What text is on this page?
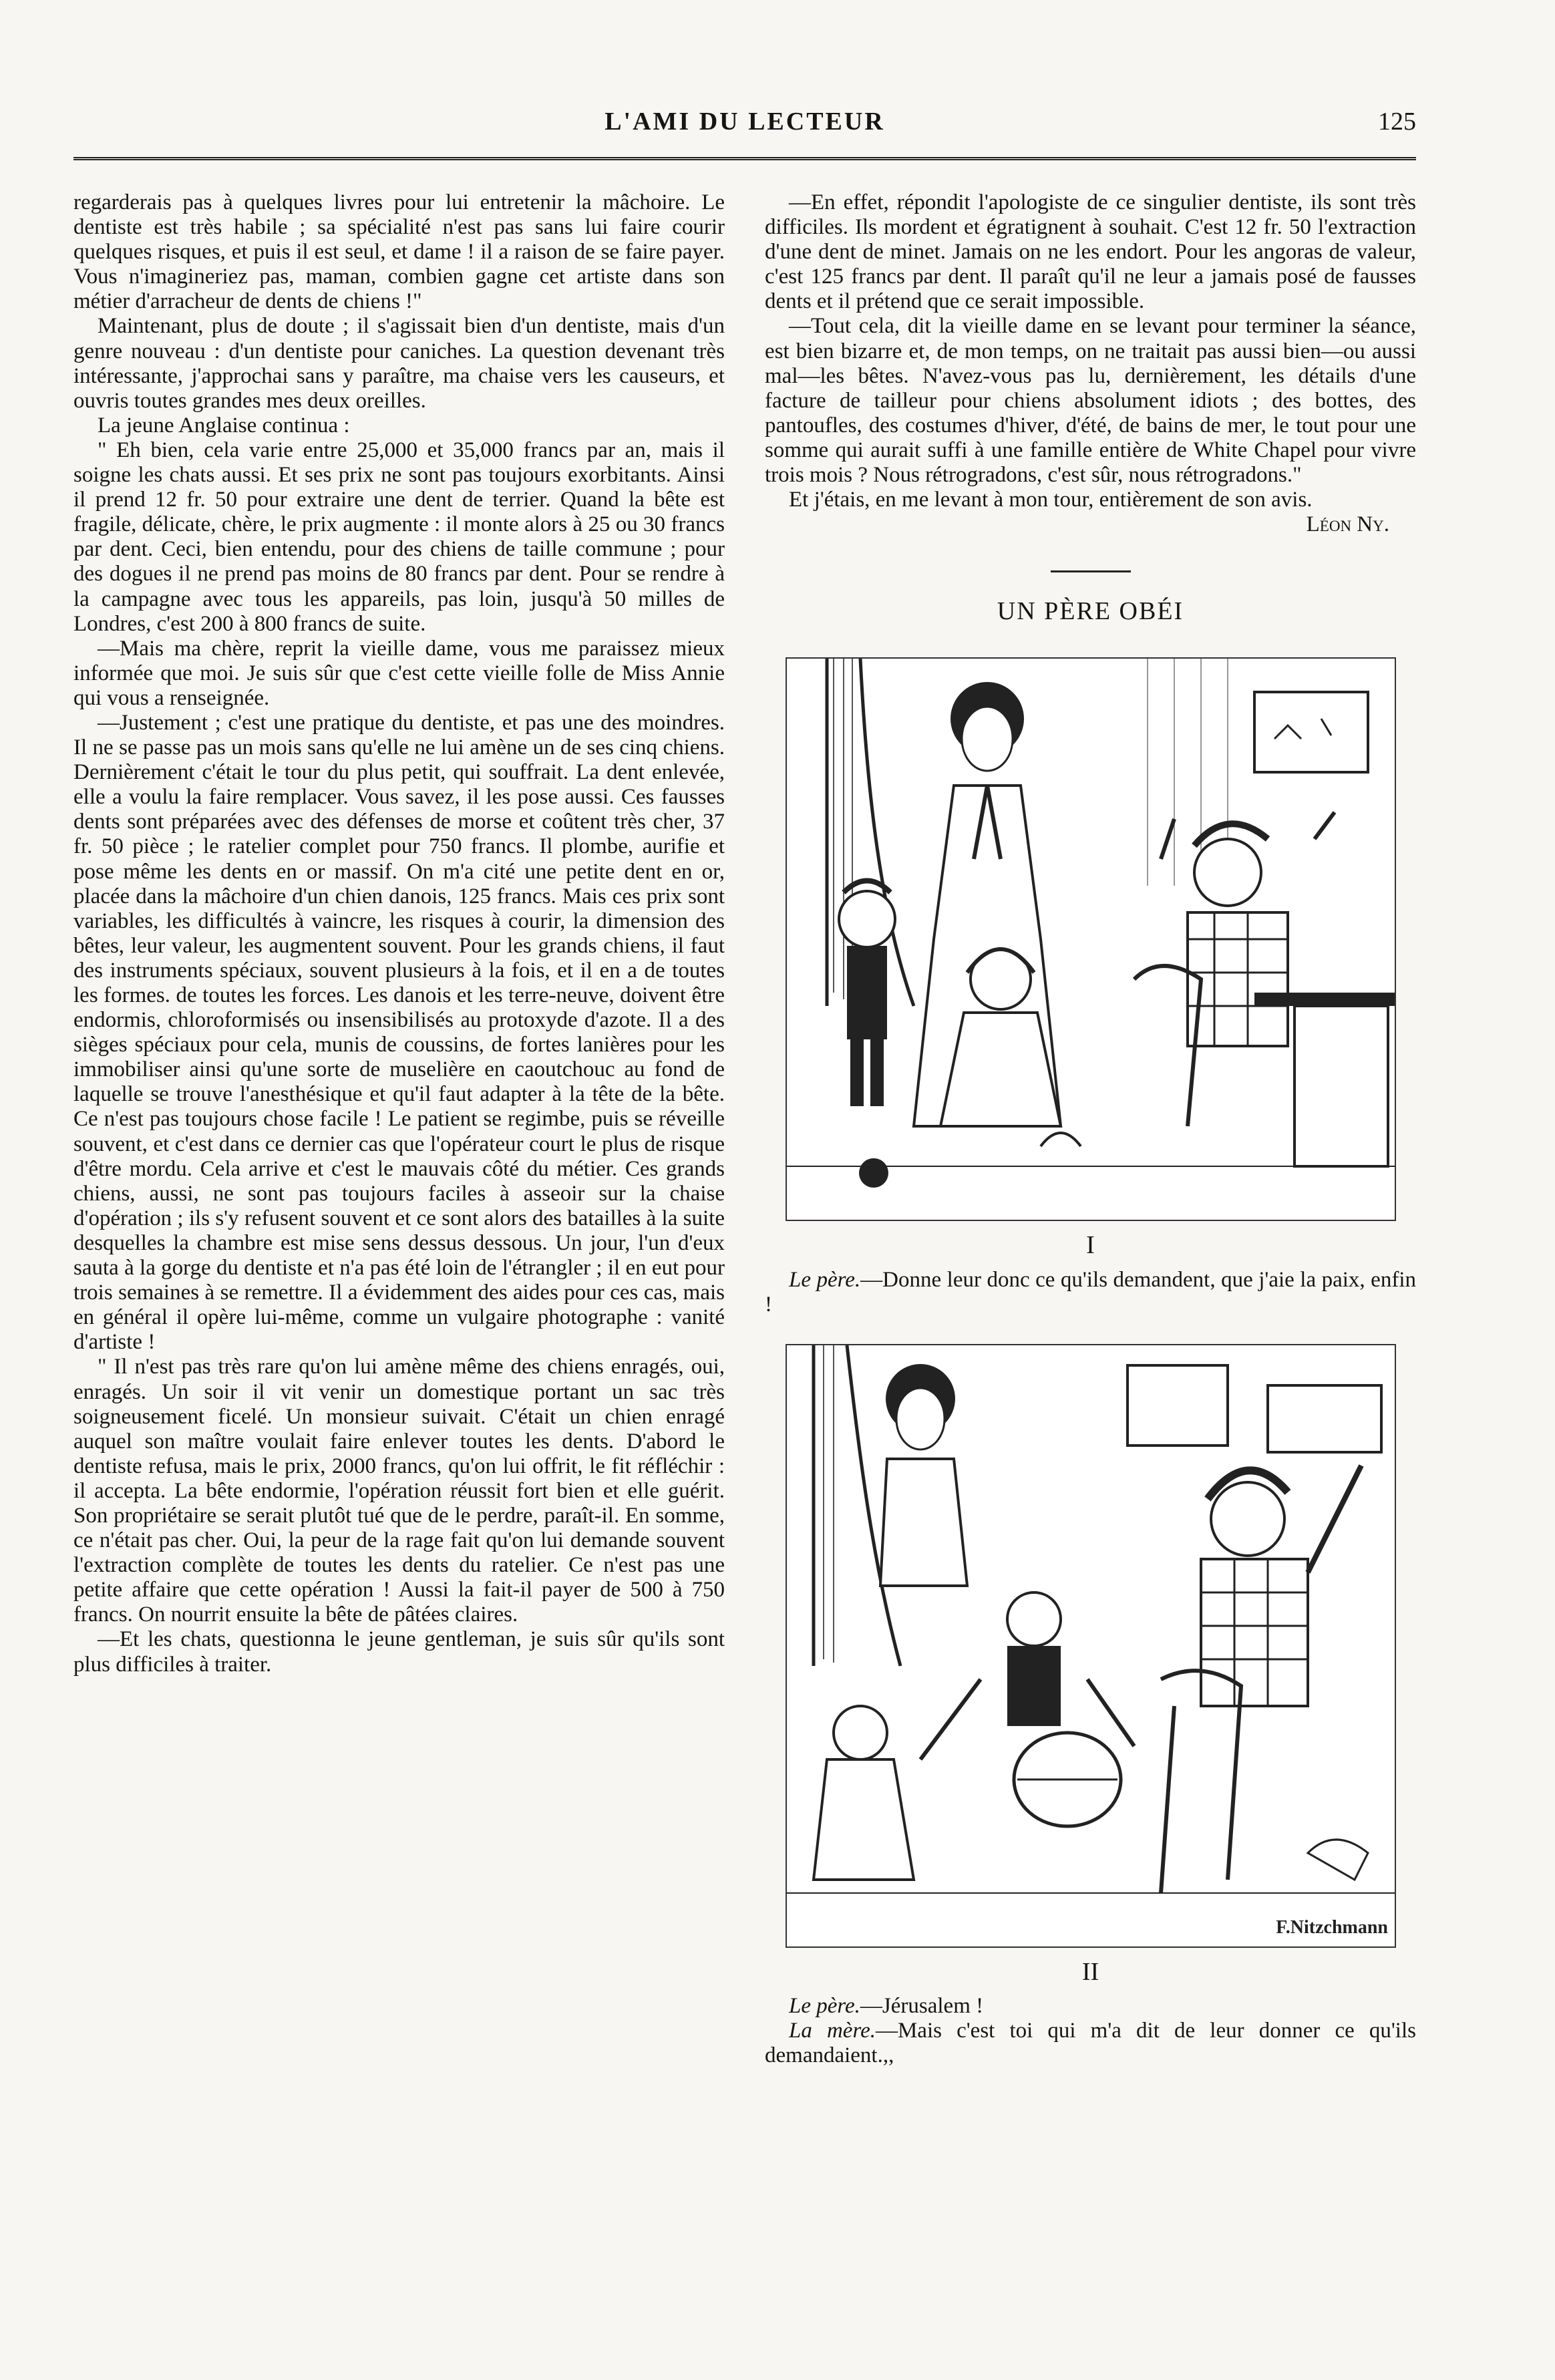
L'AMI DU LECTEUR	125

regarderais pas à quelques livres pour lui entretenir la mâchoire. Le dentiste est très habile ; sa spécialité n'est pas sans lui faire courir quelques risques, et puis il est seul, et dame ! il a raison de se faire payer. Vous n'imagineriez pas, maman, combien gagne cet artiste dans son métier d'arracheur de dents de chiens !"

Maintenant, plus de doute ; il s'agissait bien d'un dentiste, mais d'un genre nouveau : d'un dentiste pour caniches. La question devenant très intéressante, j'approchai sans y paraître, ma chaise vers les causeurs, et ouvris toutes grandes mes deux oreilles.

La jeune Anglaise continua :

" Eh bien, cela varie entre 25,000 et 35,000 francs par an, mais il soigne les chats aussi. Et ses prix ne sont pas toujours exorbitants. Ainsi il prend 12 fr. 50 pour extraire une dent de terrier. Quand la bête est fragile, délicate, chère, le prix augmente : il monte alors à 25 ou 30 francs par dent. Ceci, bien entendu, pour des chiens de taille commune ; pour des dogues il ne prend pas moins de 80 francs par dent. Pour se rendre à la campagne avec tous les appareils, pas loin, jusqu'à 50 milles de Londres, c'est 200 à 800 francs de suite.

—Mais ma chère, reprit la vieille dame, vous me paraissez mieux informée que moi. Je suis sûr que c'est cette vieille folle de Miss Annie qui vous a renseignée.

—Justement ; c'est une pratique du dentiste, et pas une des moindres. Il ne se passe pas un mois sans qu'elle ne lui amène un de ses cinq chiens. Dernièrement c'était le tour du plus petit, qui souffrait. La dent enlevée, elle a voulu la faire remplacer. Vous savez, il les pose aussi. Ces fausses dents sont préparées avec des défenses de morse et coûtent très cher, 37 fr. 50 pièce ; le ratelier complet pour 750 francs. Il plombe, aurifie et pose même les dents en or massif. On m'a cité une petite dent en or, placée dans la mâchoire d'un chien danois, 125 francs. Mais ces prix sont variables, les difficultés à vaincre, les risques à courir, la dimension des bêtes, leur valeur, les augmentent souvent. Pour les grands chiens, il faut des instruments spéciaux, souvent plusieurs à la fois, et il en a de toutes les formes. de toutes les forces. Les danois et les terre-neuve, doivent être endormis, chloroformisés ou insensibilisés au protoxyde d'azote. Il a des sièges spéciaux pour cela, munis de coussins, de fortes lanières pour les immobiliser ainsi qu'une sorte de muselière en caoutchouc au fond de laquelle se trouve l'anesthésique et qu'il faut adapter à la tête de la bête. Ce n'est pas toujours chose facile ! Le patient se regimbe, puis se réveille souvent, et c'est dans ce dernier cas que l'opérateur court le plus de risque d'être mordu. Cela arrive et c'est le mauvais côté du métier. Ces grands chiens, aussi, ne sont pas toujours faciles à asseoir sur la chaise d'opération ; ils s'y refusent souvent et ce sont alors des batailles à la suite desquelles la chambre est mise sens dessus dessous. Un jour, l'un d'eux sauta à la gorge du dentiste et n'a pas été loin de l'étrangler ; il en eut pour trois semaines à se remettre. Il a évidemment des aides pour ces cas, mais en général il opère lui-même, comme un vulgaire photographe : vanité d'artiste !

" Il n'est pas très rare qu'on lui amène même des chiens enragés, oui, enragés. Un soir il vit venir un domestique portant un sac très soigneusement ficelé. Un monsieur suivait. C'était un chien enragé auquel son maître voulait faire enlever toutes les dents. D'abord le dentiste refusa, mais le prix, 2000 francs, qu'on lui offrit, le fit réfléchir : il accepta. La bête endormie, l'opération réussit fort bien et elle guérit. Son propriétaire se serait plutôt tué que de le perdre, paraît-il. En somme, ce n'était pas cher. Oui, la peur de la rage fait qu'on lui demande souvent l'extraction complète de toutes les dents du ratelier. Ce n'est pas une petite affaire que cette opération ! Aussi la fait-il payer de 500 à 750 francs. On nourrit ensuite la bête de pâtées claires.

—Et les chats, questionna le jeune gentleman, je suis sûr qu'ils sont plus difficiles à traiter.

—En effet, répondit l'apologiste de ce singulier dentiste, ils sont très difficiles. Ils mordent et égratignent à souhait. C'est 12 fr. 50 l'extraction d'une dent de minet. Jamais on ne les endort. Pour les angoras de valeur, c'est 125 francs par dent. Il paraît qu'il ne leur a jamais posé de fausses dents et il prétend que ce serait impossible.

—Tout cela, dit la vieille dame en se levant pour terminer la séance, est bien bizarre et, de mon temps, on ne traitait pas aussi bien—ou aussi mal—les bêtes. N'avez-vous pas lu, dernièrement, les détails d'une facture de tailleur pour chiens absolument idiots ; des bottes, des pantoufles, des costumes d'hiver, d'été, de bains de mer, le tout pour une somme qui aurait suffi à une famille entière de White Chapel pour vivre trois mois ? Nous rétrogradons, c'est sûr, nous rétrogradons."

Et j'étais, en me levant à mon tour, entièrement de son avis.

Léon Ny.
UN PÈRE OBÉI
I

Le père.—Donne leur donc ce qu'ils demandent, que j'aie la paix, enfin !

F.Nitzchmann
II

Le père.—Jérusalem !

La mère.—Mais c'est toi qui m'a dit de leur donner ce qu'ils demandaient.,,
